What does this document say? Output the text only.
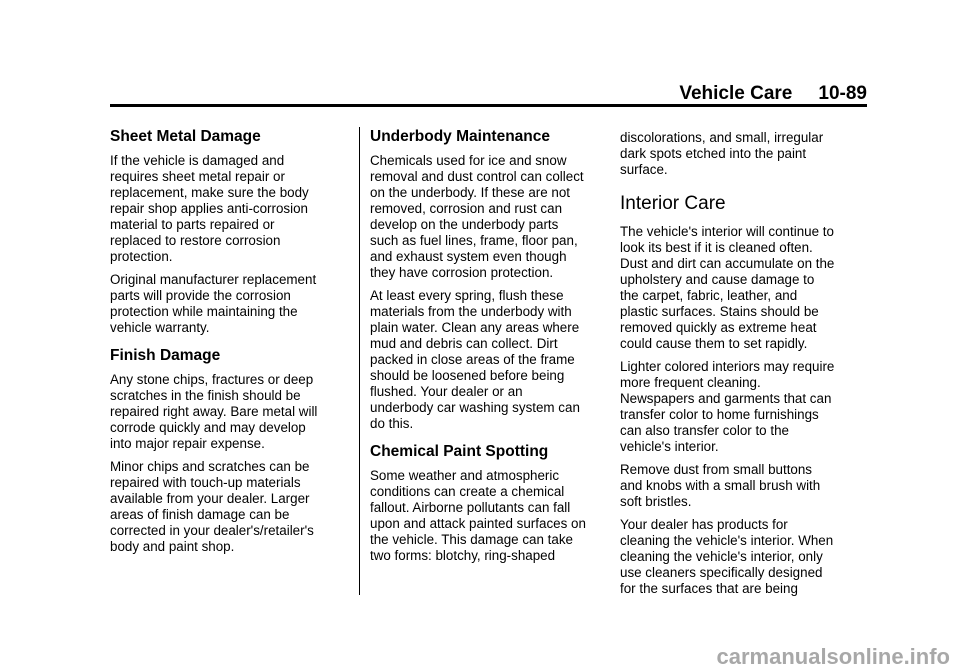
Vehicle Care 10-89
Sheet Metal Damage
If the vehicle is damaged and
requires sheet metal repair or
replacement, make sure the body
repair shop applies anti-corrosion
material to parts repaired or
replaced to restore corrosion
protection.
Original manufacturer replacement
parts will provide the corrosion
protection while maintaining the
vehicle warranty.
Finish Damage
Any stone chips, fractures or deep
scratches in the finish should be
repaired right away. Bare metal will
corrode quickly and may develop
into major repair expense.
Minor chips and scratches can be
repaired with touch-up materials
available from your dealer. Larger
areas of finish damage can be
corrected in your dealer's/retailer's
body and paint shop.
Underbody Maintenance
Chemicals used for ice and snow
removal and dust control can collect
on the underbody. If these are not
removed, corrosion and rust can
develop on the underbody parts
such as fuel lines, frame, floor pan,
and exhaust system even though
they have corrosion protection.
At least every spring, flush these
materials from the underbody with
plain water. Clean any areas where
mud and debris can collect. Dirt
packed in close areas of the frame
should be loosened before being
flushed. Your dealer or an
underbody car washing system can
do this.
Chemical Paint Spotting
Some weather and atmospheric
conditions can create a chemical
fallout. Airborne pollutants can fall
upon and attack painted surfaces on
the vehicle. This damage can take
two forms: blotchy, ring-shaped
discolorations, and small, irregular
dark spots etched into the paint
surface.
Interior Care
The vehicle's interior will continue to
look its best if it is cleaned often.
Dust and dirt can accumulate on the
upholstery and cause damage to
the carpet, fabric, leather, and
plastic surfaces. Stains should be
removed quickly as extreme heat
could cause them to set rapidly.
Lighter colored interiors may require
more frequent cleaning.
Newspapers and garments that can
transfer color to home furnishings
can also transfer color to the
vehicle's interior.
Remove dust from small buttons
and knobs with a small brush with
soft bristles.
Your dealer has products for
cleaning the vehicle's interior. When
cleaning the vehicle's interior, only
use cleaners specifically designed
for the surfaces that are being
carmanualsonline.info
